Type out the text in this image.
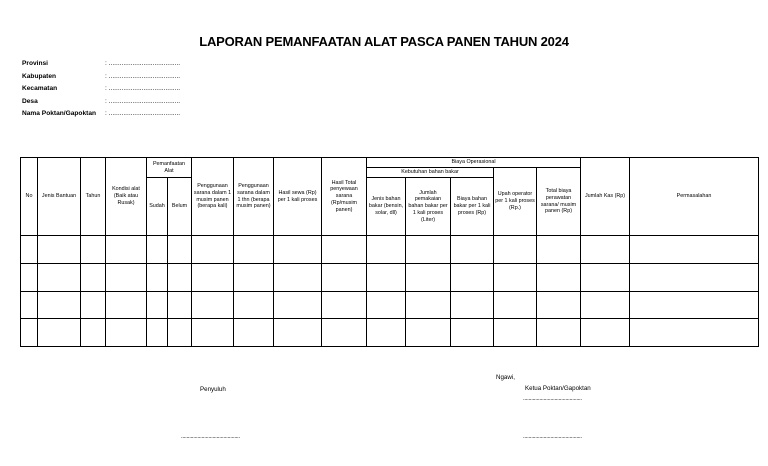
LAPORAN PEMANFAATAN ALAT PASCA PANEN TAHUN 2024
Provinsi	: .......................................
Kabupaten	: .......................................
Kecamatan	: .......................................
Desa	: .......................................
Nama Poktan/Gapoktan : .......................................
No	Jenis Bantuan	Tahun	Kondisi alat (Baik atau Rusak)	Pemanfaatan Alat		Penggunaan sarana dalam 1 musim panen (berapa kali)	Penggunaan sarana dalam 1 thn (berapa musim panen)	Hasil sewa (Rp) per 1 kali proses	Hasil Total penyewaan sarana (Rp/musim panen)	Biaya Operasional					Jumlah Kas (Rp)	Permasalahan
										Kebutuhan bahan bakar			Upah operator per 1 kali proses (Rp.)	Total biaya perawatan sarana/ musim panen (Rp)		
				Sudah	Belum					Jenis bahan bakar (bensin, solar, dll)	Jumlah pemakaian bahan bakar per 1 kali proses (Liter)	Biaya bahan bakar per 1 kali proses (Rp)				

Ngawi,
Penyuluh	Ketua Poktan/Gapoktan
...........................................
...........................................	...........................................
